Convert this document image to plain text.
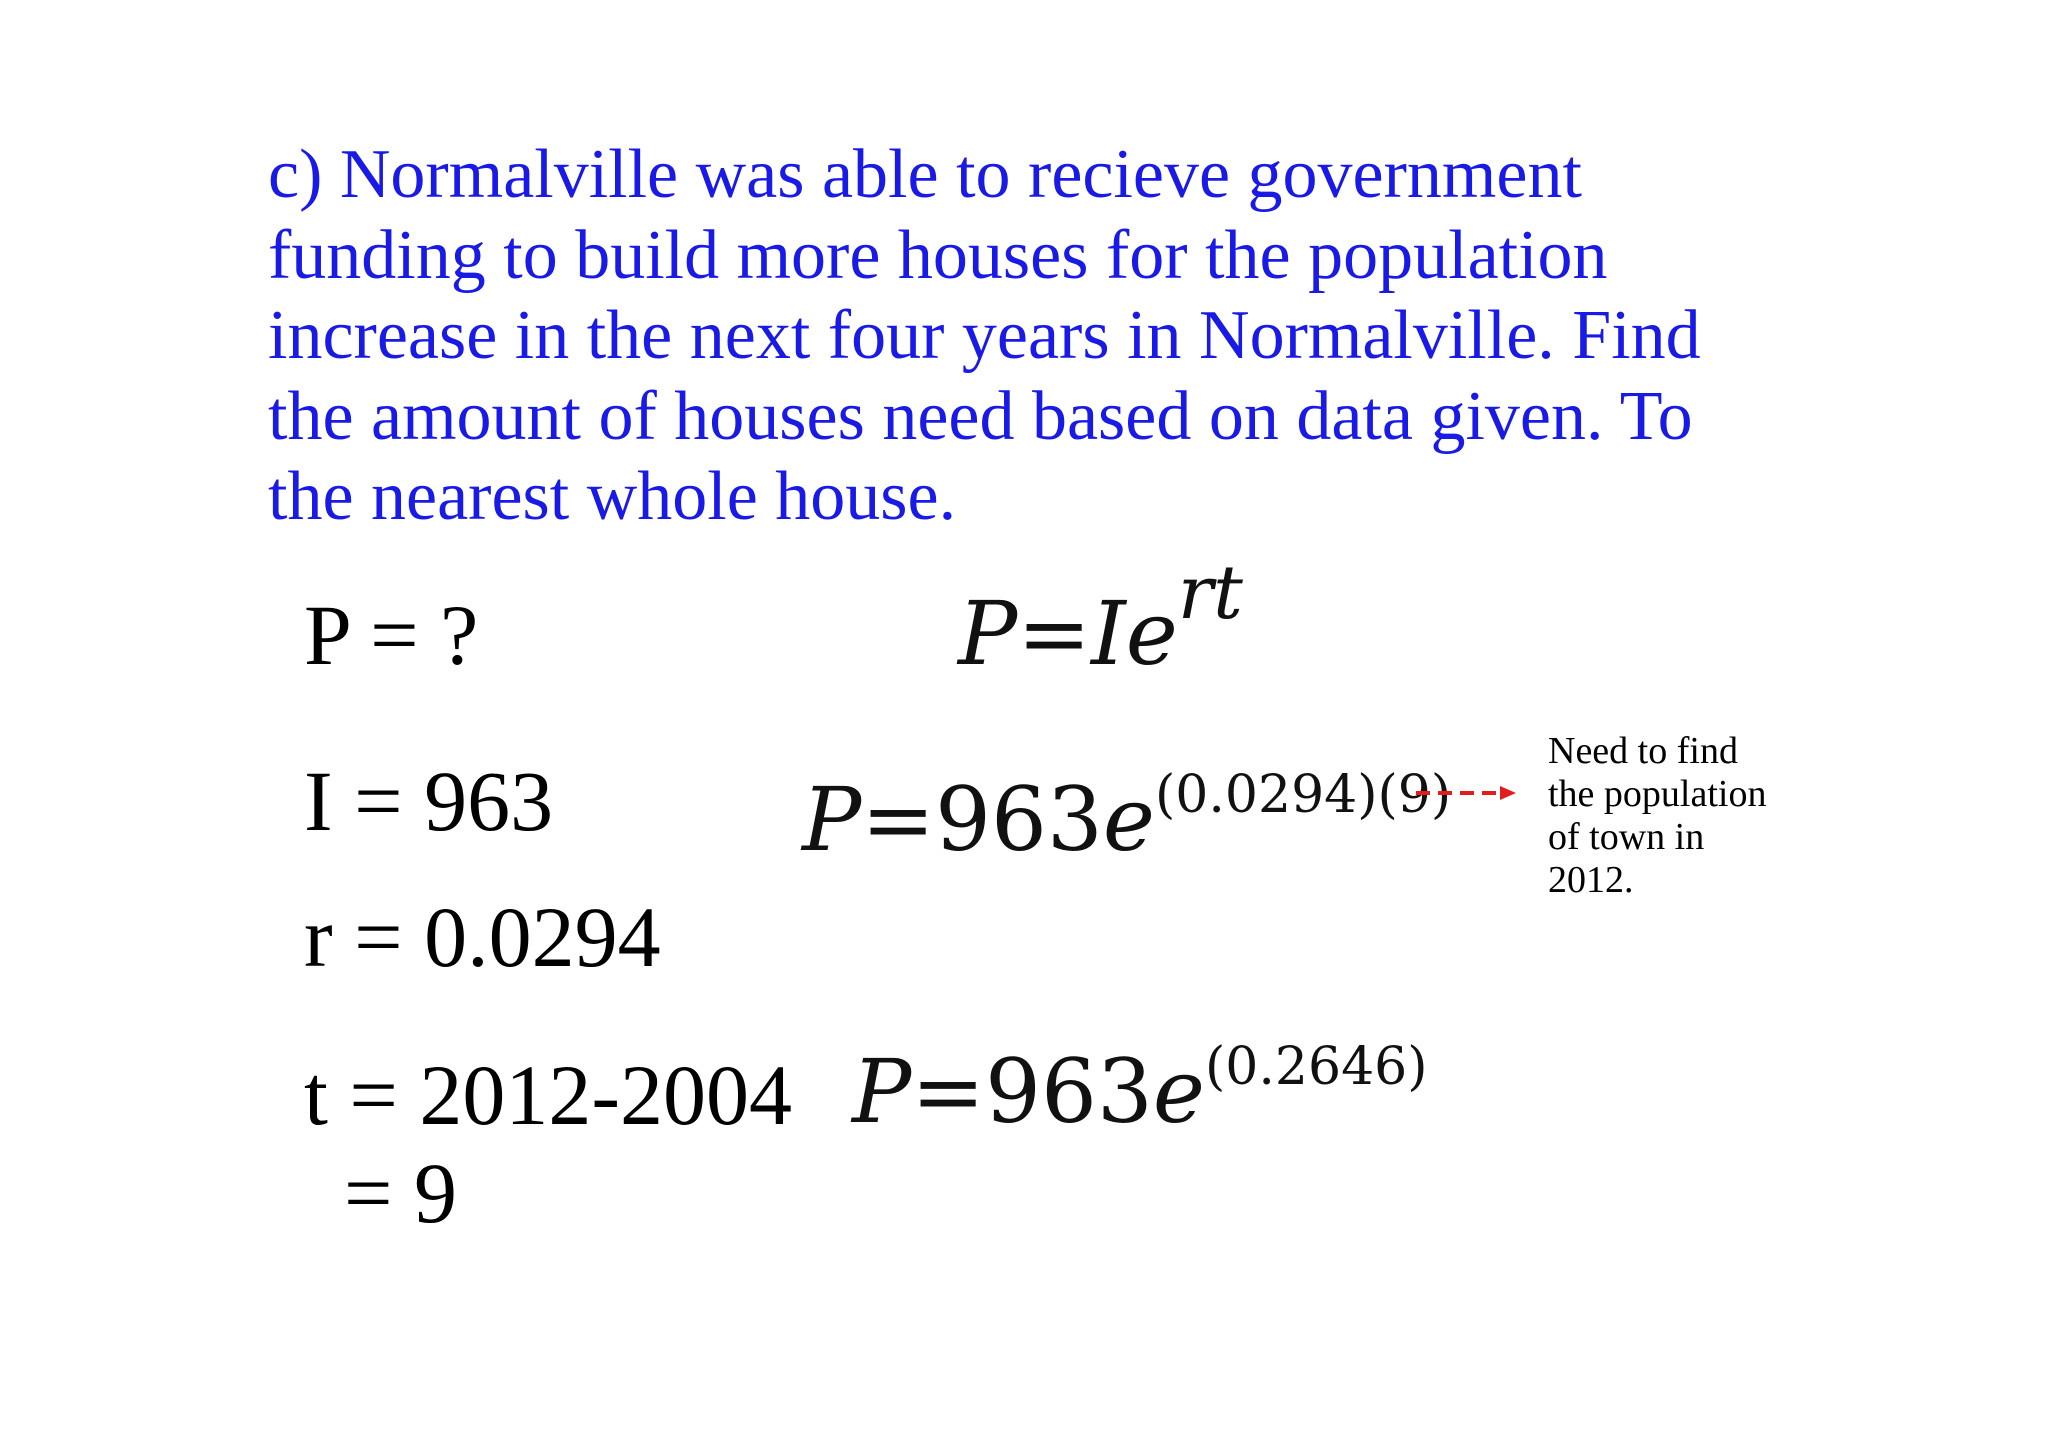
c) Normalville was able to recieve government
funding to build more houses for the population
increase in the next four years in Normalville. Find
the amount of houses need based on data given. To
the nearest whole house.

P = ?
I = 963
r = 0.0294
t = 2012-2004
= 9
$P=Ie^{rt}$
$P=963e^{(0.0294)(9)}$
$P=963e^{(0.2646)}$

Need to find
the population
of town in
2012.
